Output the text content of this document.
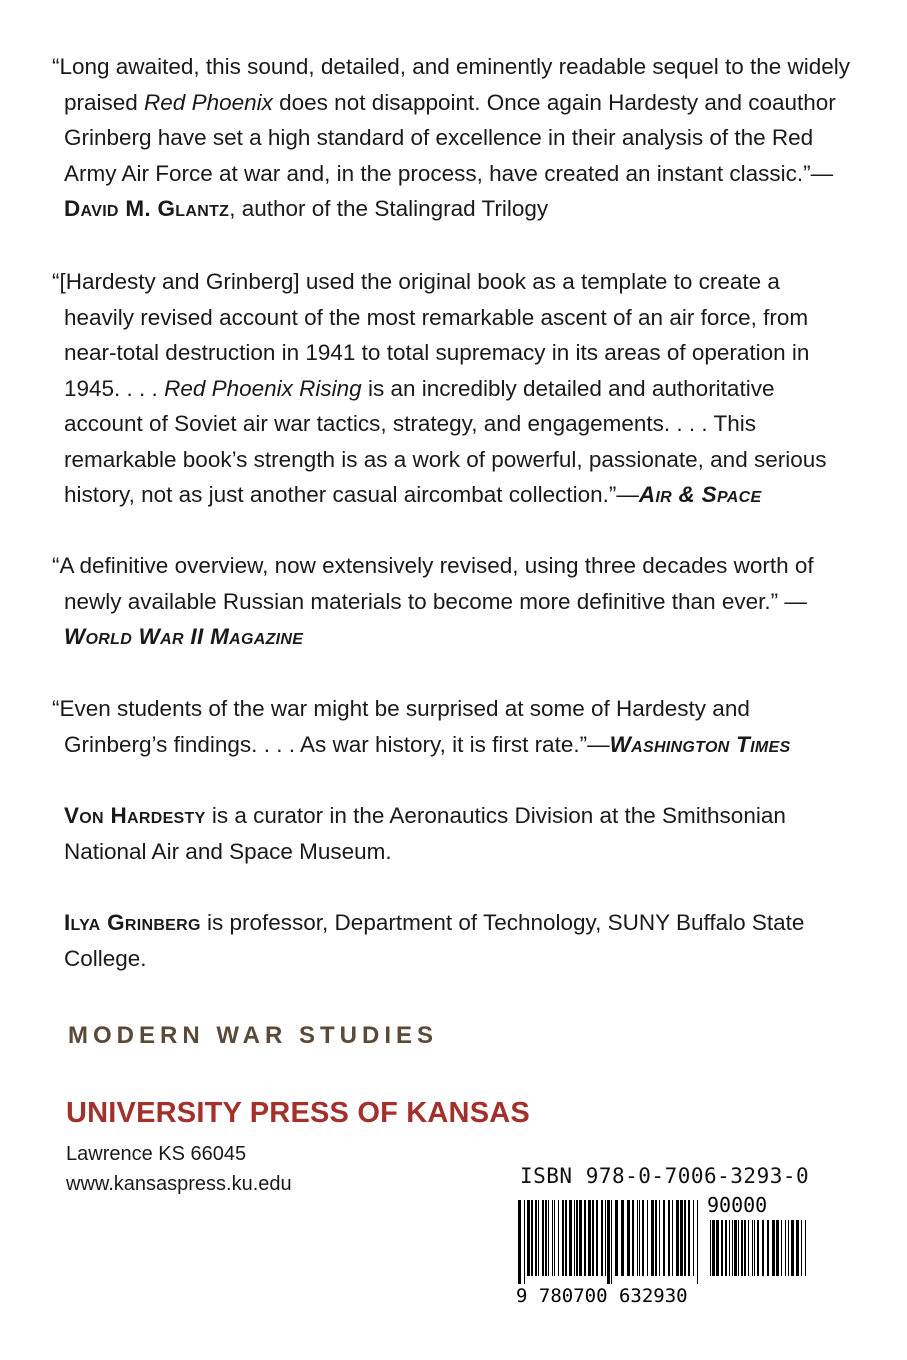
“Long awaited, this sound, detailed, and eminently readable sequel to the widely praised Red Phoenix does not disappoint. Once again Hardesty and coauthor Grinberg have set a high standard of excellence in their analysis of the Red Army Air Force at war and, in the process, have created an instant classic.”—David M. Glantz, author of the Stalingrad Trilogy

“[Hardesty and Grinberg] used the original book as a template to create a heavily revised account of the most remarkable ascent of an air force, from near-total destruction in 1941 to total supremacy in its areas of operation in 1945. . . . Red Phoenix Rising is an incredibly detailed and authoritative account of Soviet air war tactics, strategy, and engagements. . . . This remarkable book’s strength is as a work of powerful, passionate, and serious history, not as just another casual aircombat collection.”—Air & Space

“A definitive overview, now extensively revised, using three decades worth of newly available Russian materials to become more definitive than ever.” —World War II Magazine

“Even students of the war might be surprised at some of Hardesty and Grinberg’s findings. . . . As war history, it is first rate.”—Washington Times

Von Hardesty is a curator in the Aeronautics Division at the Smithsonian National Air and Space Museum.

Ilya Grinberg is professor, Department of Technology, SUNY Buffalo State College.

MODERN WAR STUDIES
UNIVERSITY PRESS OF KANSAS
Lawrence KS 66045
www.kansaspress.ku.edu	ISBN 978-0-7006-3293-0
90000
9 780700 632930
